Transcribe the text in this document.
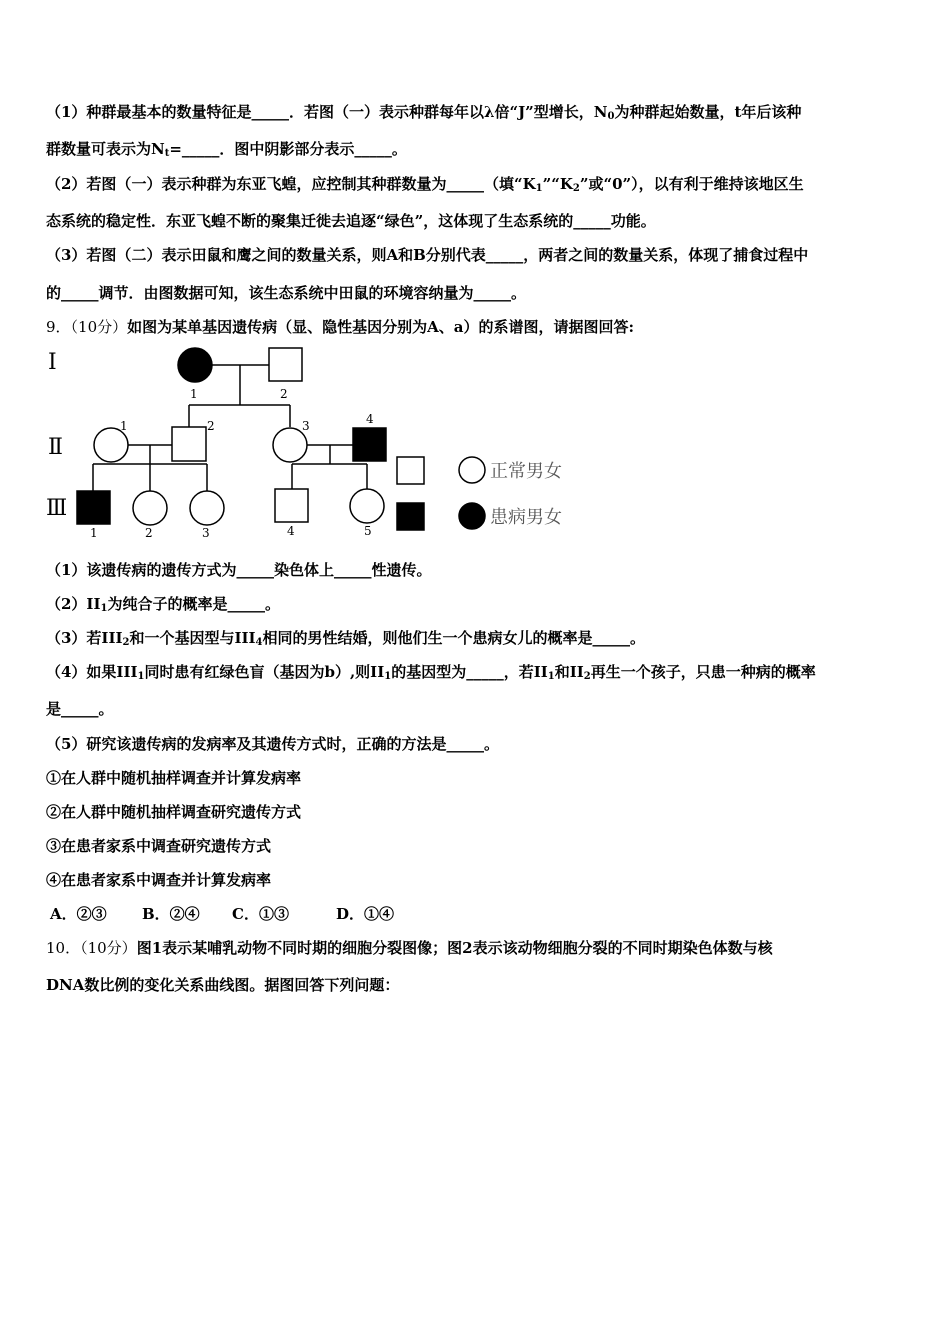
（1）种群最基本的数量特征是_____．若图（一）表示种群每年以λ倍“J”型增长，$N_0$为种群起始数量，t年后该种
群数量可表示为$N_t=\_\_\_\_\_$．图中阴影部分表示_____。
（2）若图（一）表示种群为东亚飞蝗，应控制其种群数量为_____（填“$K_1”“K_2$”或“0”），以有利于维持该地区生
态系统的稳定性．东亚飞蝗不断的聚集迁徙去追逐“绿色”，这体现了生态系统的_____功能。
（3）若图（二）表示田鼠和鹰之间的数量关系，则A和B分别代表_____，两者之间的数量关系，体现了捕食过程中
的_____调节．由图数据可知，该生态系统中田鼠的环境容纳量为_____。
9．（10分）如图为某单基因遗传病（显、隐性基因分别为A、a）的系谱图，请据图回答:
Ⅰ
Ⅱ
Ⅲ
1	2
1	2	3	4
1	2	3	4	5
正常男女
患病男女
（1）该遗传病的遗传方式为_____染色体上_____性遗传。
$(2)II_1$为纯合子的概率是_____。
（3）若$III_2$和一个基因型与$III_4$相同的男性结婚，则他们生一个患病女儿的概率是_____。
（4）如果$III_1$同时患有红绿色盲（基因为b）,则$II_1$的基因型为_____，若$II_1$和$II_2$再生一个孩子，只患一种病的概率
是_____。
（5）研究该遗传病的发病率及其遗传方式时，正确的方法是_____。
①在人群中随机抽样调查并计算发病率
②在人群中随机抽样调查研究遗传方式
③在患者家系中调查研究遗传方式
④在患者家系中调查并计算发病率
A．②③ B．②④ C．①③	D．①④
10．（10分）图1表示某哺乳动物不同时期的细胞分裂图像；图2表示该动物细胞分裂的不同时期染色体数与核
DNA数比例的变化关系曲线图。据图回答下列问题：
